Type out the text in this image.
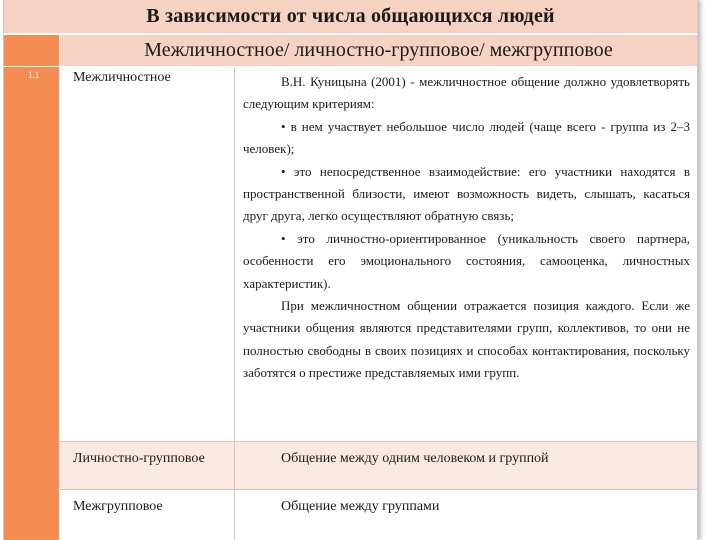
В зависимости от числа общающихся людей
Межличностное/ личностно-групповое/ межгрупповое
1.1 Межличностное	В.Н. Куницына (2001) - межличностное общение должно удовлетворять следующим критериям:

• в нем участвует небольшое число людей (чаще всего - группа из 2–3 человек);

• это непосредственное взаимодействие: его участники находятся в пространственной близости, имеют возможность видеть, слышать, касаться друг друга, легко осуществляют обратную связь;

• это личностно-ориентированное (уникальность своего партнера, особенности его эмоционального состояния, самооценка, личностных характеристик).

При межличностном общении отражается позиция каждого. Если же участники общения являются представителями групп, коллективов, то они не полностью свободны в своих позициях и способах контактирования, поскольку заботятся о престиже представляемых ими групп.

Личностно-групповое	Общение между одним человеком и группой
Межгрупповое	Общение между группами
